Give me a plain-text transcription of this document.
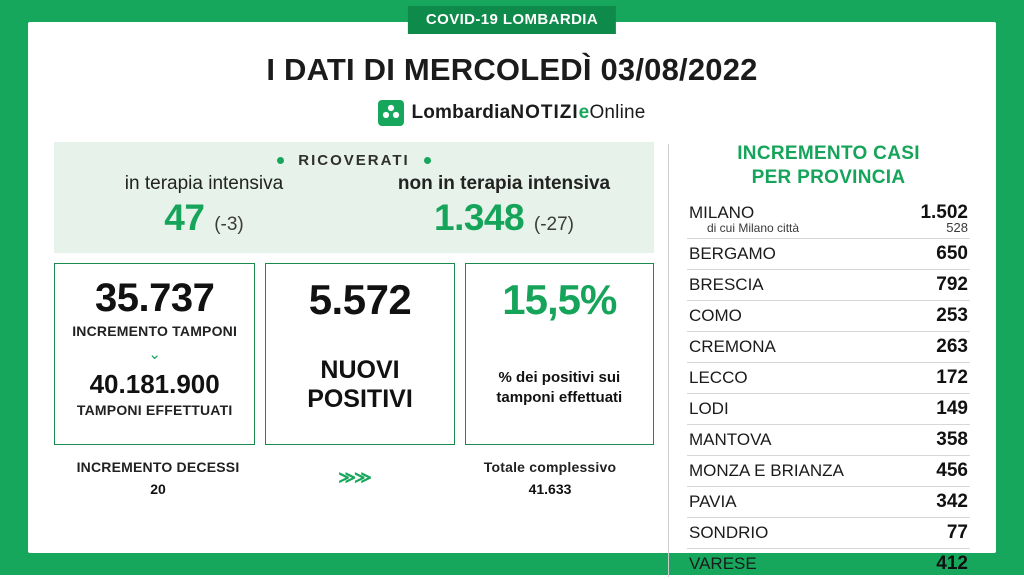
COVID-19 LOMBARDIA
I DATI DI MERCOLEDÌ 03/08/2022
LombardiaNOTIZIeOnline
RICOVERATI
in terapia intensiva
47 (-3)
non in terapia intensiva
1.348 (-27)
35.737
INCREMENTO TAMPONI
⌄
40.181.900
TAMPONI EFFETTUATI
5.572
NUOVI
POSITIVI
15,5%
% dei positivi sui
tamponi effettuati
INCREMENTO DECESSI
20
≫≫
Totale complessivo
41.633
INCREMENTO CASI
PER PROVINCIA
MILANO	1.502
di cui Milano città	528
BERGAMO	650
BRESCIA	792
COMO	253
CREMONA	263
LECCO	172
LODI	149
MANTOVA	358
MONZA E BRIANZA	456
PAVIA	342
SONDRIO	77
VARESE	412
